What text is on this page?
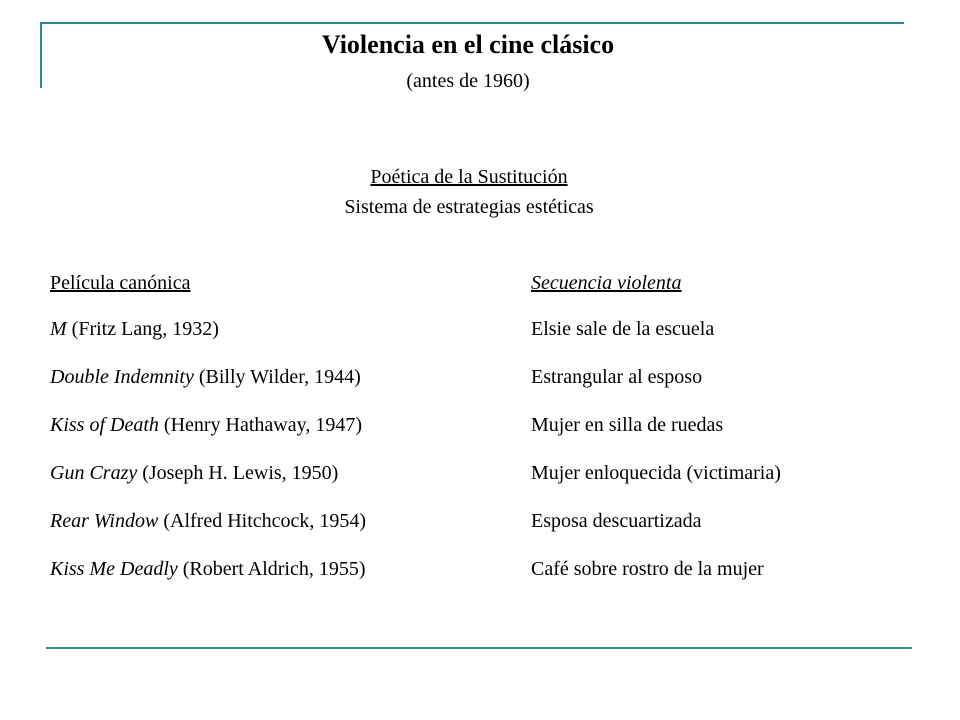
Violencia en el cine clásico
(antes de 1960)
Poética de la Sustitución
Sistema de estrategias estéticas
Película canónica	Secuencia violenta
M (Fritz Lang, 1932)	Elsie sale de la escuela
Double Indemnity (Billy Wilder, 1944)	Estrangular al esposo
Kiss of Death (Henry Hathaway, 1947)	Mujer en silla de ruedas
Gun Crazy (Joseph H. Lewis, 1950)	Mujer enloquecida (victimaria)
Rear Window (Alfred Hitchcock, 1954)	Esposa descuartizada
Kiss Me Deadly (Robert Aldrich, 1955)	Café sobre rostro de la mujer
